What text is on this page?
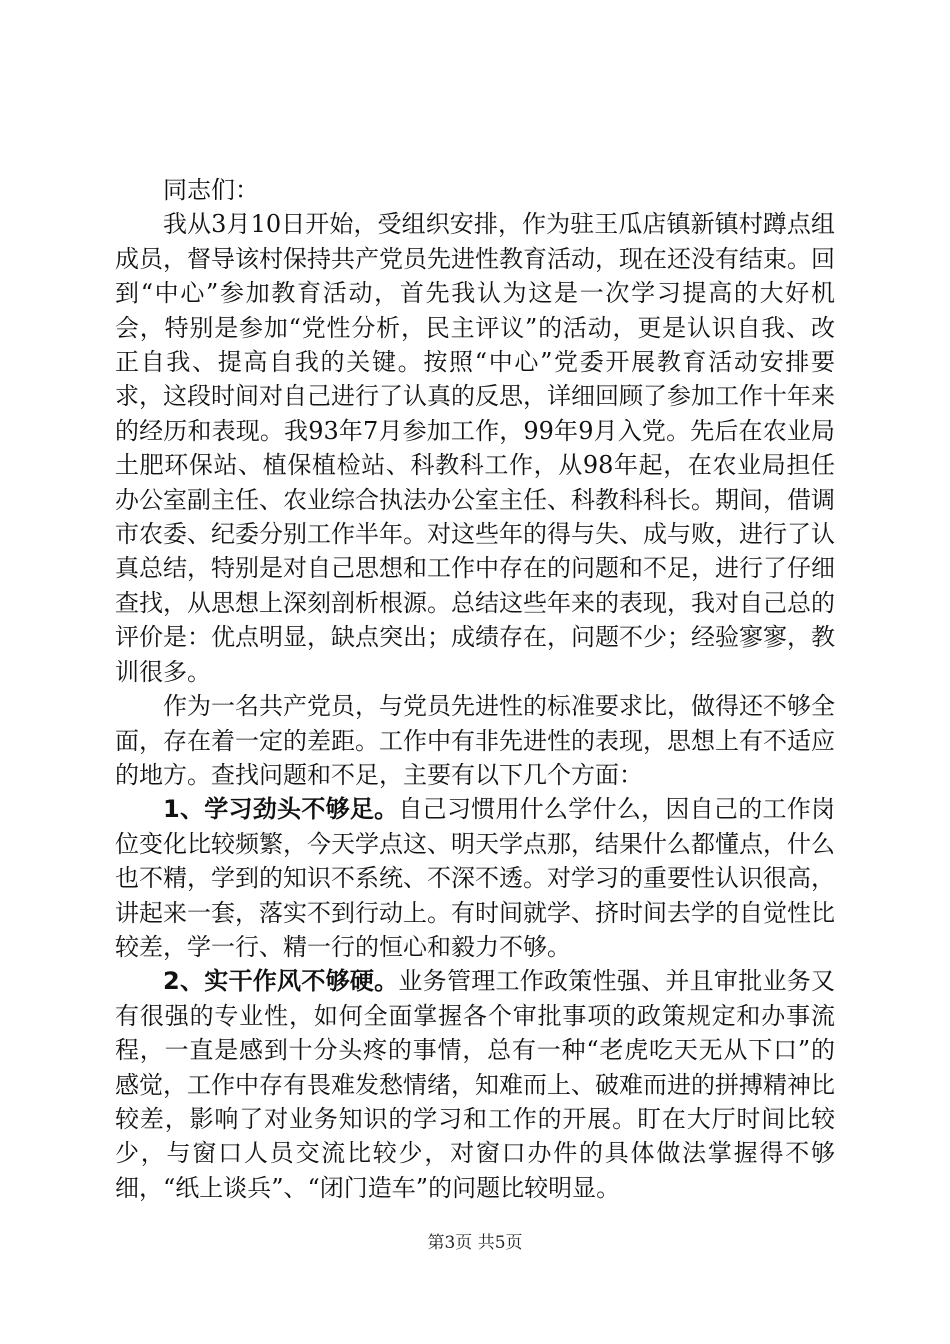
同志们：

我从3月10日开始，受组织安排，作为驻王瓜店镇新镇村蹲点组成员，督导该村保持共产党员先进性教育活动，现在还没有结束。回到“中心”参加教育活动，首先我认为这是一次学习提高的大好机会，特别是参加“党性分析，民主评议”的活动，更是认识自我、改正自我、提高自我的关键。按照“中心”党委开展教育活动安排要求，这段时间对自己进行了认真的反思，详细回顾了参加工作十年来的经历和表现。我93年7月参加工作，99年9月入党。先后在农业局土肥环保站、植保植检站、科教科工作，从98年起，在农业局担任办公室副主任、农业综合执法办公室主任、科教科科长。期间，借调市农委、纪委分别工作半年。对这些年的得与失、成与败，进行了认真总结，特别是对自己思想和工作中存在的问题和不足，进行了仔细查找，从思想上深刻剖析根源。总结这些年来的表现，我对自己总的评价是：优点明显，缺点突出；成绩存在，问题不少；经验寥寥，教训很多。

作为一名共产党员，与党员先进性的标准要求比，做得还不够全面，存在着一定的差距。工作中有非先进性的表现，思想上有不适应的地方。查找问题和不足，主要有以下几个方面：

1、学习劲头不够足。自己习惯用什么学什么，因自己的工作岗位变化比较频繁，今天学点这、明天学点那，结果什么都懂点，什么也不精，学到的知识不系统、不深不透。对学习的重要性认识很高，讲起来一套，落实不到行动上。有时间就学、挤时间去学的自觉性比较差，学一行、精一行的恒心和毅力不够。

2、实干作风不够硬。业务管理工作政策性强、并且审批业务又有很强的专业性，如何全面掌握各个审批事项的政策规定和办事流程，一直是感到十分头疼的事情，总有一种“老虎吃天无从下口”的感觉，工作中存有畏难发愁情绪，知难而上、破难而进的拼搏精神比较差，影响了对业务知识的学习和工作的开展。盯在大厅时间比较少，与窗口人员交流比较少，对窗口办件的具体做法掌握得不够细，“纸上谈兵”、“闭门造车”的问题比较明显。

第3页 共5页
